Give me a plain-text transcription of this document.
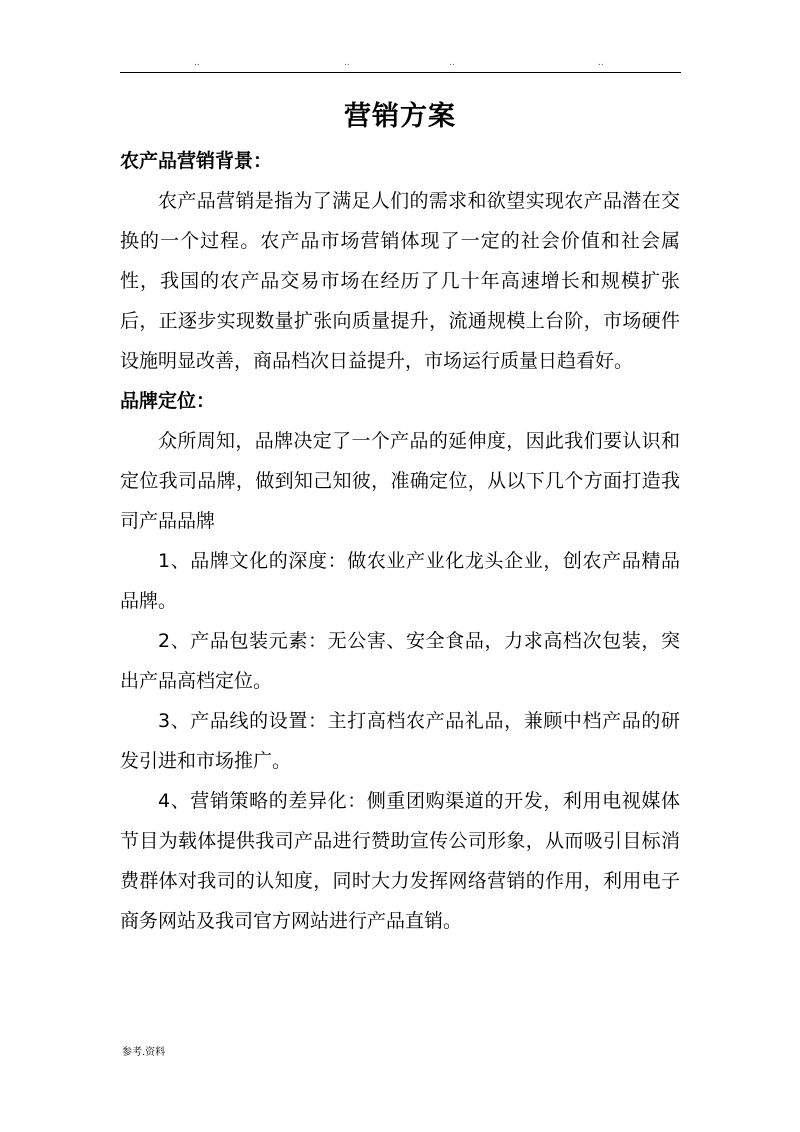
..	..	..	..
营销方案
农产品营销背景：

农产品营销是指为了满足人们的需求和欲望实现农产品潜在交换的一个过程。农产品市场营销体现了一定的社会价值和社会属性，我国的农产品交易市场在经历了几十年高速增长和规模扩张后，正逐步实现数量扩张向质量提升，流通规模上台阶，市场硬件设施明显改善，商品档次日益提升，市场运行质量日趋看好。

品牌定位：

众所周知，品牌决定了一个产品的延伸度，因此我们要认识和定位我司品牌，做到知己知彼，准确定位，从以下几个方面打造我司产品品牌

1、品牌文化的深度：做农业产业化龙头企业，创农产品精品品牌。

2、产品包装元素：无公害、安全食品，力求高档次包装，突出产品高档定位。

3、产品线的设置：主打高档农产品礼品，兼顾中档产品的研发引进和市场推广。

4、营销策略的差异化：侧重团购渠道的开发，利用电视媒体节目为载体提供我司产品进行赞助宣传公司形象，从而吸引目标消费群体对我司的认知度，同时大力发挥网络营销的作用，利用电子商务网站及我司官方网站进行产品直销。

参考.资料
